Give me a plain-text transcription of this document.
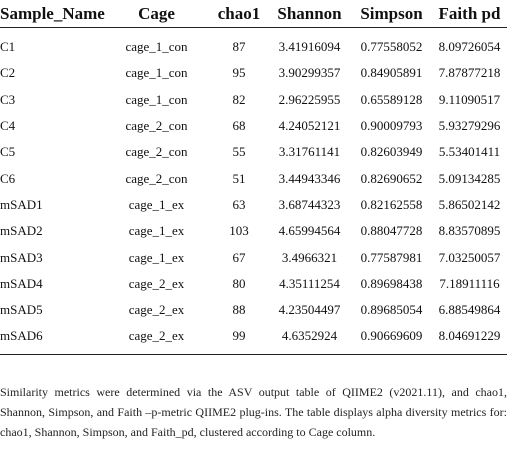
Sample_Name	Cage	chao1	Shannon	Simpson	Faith pd
C1	cage_1_con	87	3.41916094	0.77558052	8.09726054
C2	cage_1_con	95	3.90299357	0.84905891	7.87877218
C3	cage_1_con	82	2.96225955	0.65589128	9.11090517
C4	cage_2_con	68	4.24052121	0.90009793	5.93279296
C5	cage_2_con	55	3.31761141	0.82603949	5.53401411
C6	cage_2_con	51	3.44943346	0.82690652	5.09134285
mSAD1	cage_1_ex	63	3.68744323	0.82162558	5.86502142
mSAD2	cage_1_ex	103	4.65994564	0.88047728	8.83570895
mSAD3	cage_1_ex	67	3.4966321	0.77587981	7.03250057
mSAD4	cage_2_ex	80	4.35111254	0.89698438	7.18911116
mSAD5	cage_2_ex	88	4.23504497	0.89685054	6.88549864
mSAD6	cage_2_ex	99	4.6352924	0.90669609	8.04691229
Similarity metrics were determined via the ASV output table of QIIME2 (v2021.11), and chao1, Shannon, Simpson, and Faith –p-metric QIIME2 plug-ins. The table displays alpha diversity metrics for: chao1, Shannon, Simpson, and Faith_pd, clustered according to Cage column.
